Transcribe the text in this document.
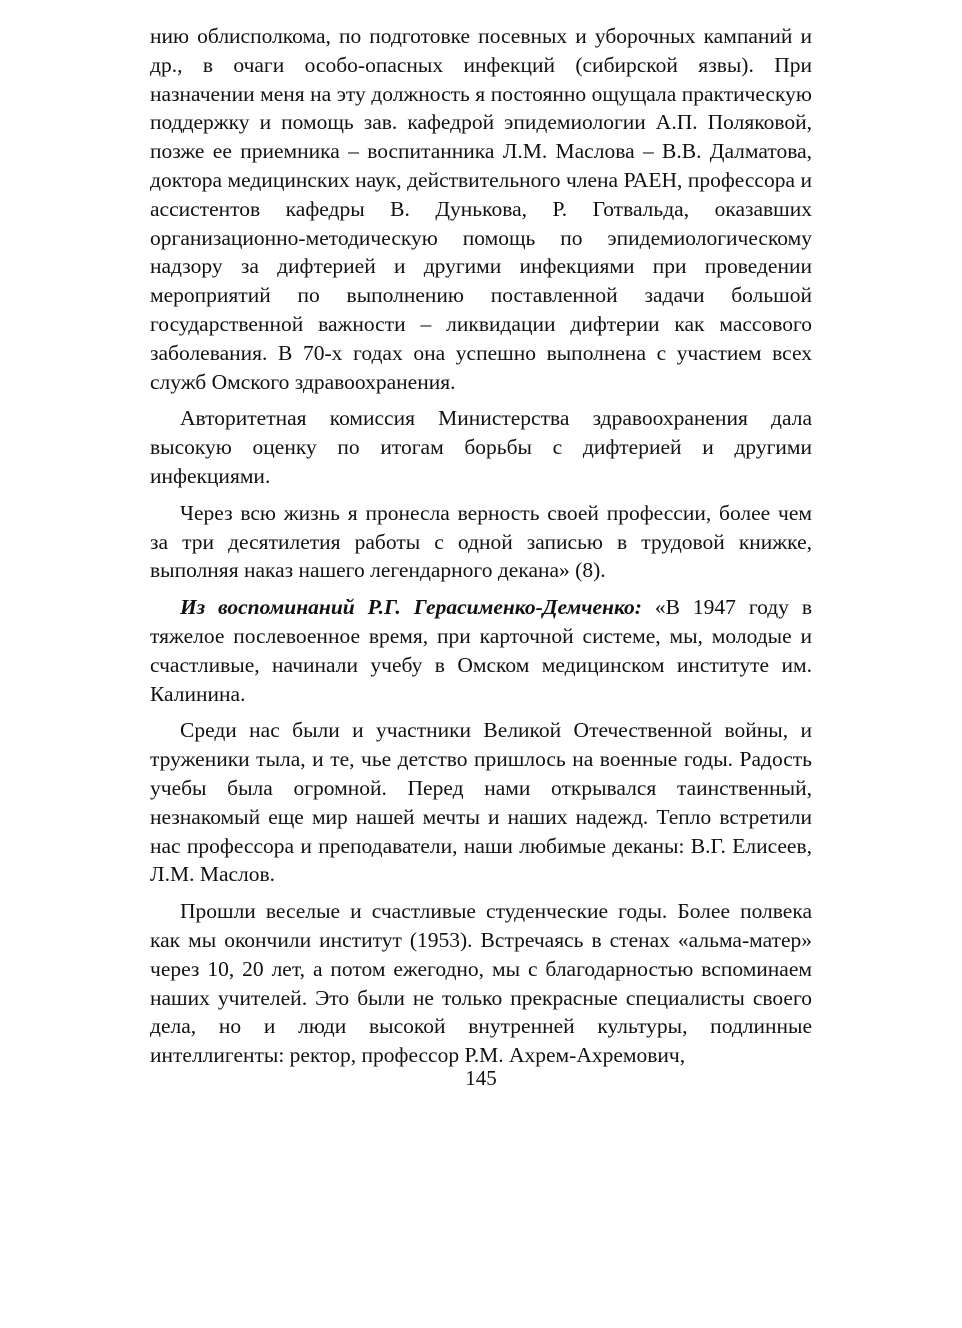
нию облисполкома, по подготовке посевных и уборочных кампаний и др., в очаги особо-опасных инфекций (сибирской язвы). При назначении меня на эту должность я постоянно ощущала практическую поддержку и помощь зав. кафедрой эпидемиологии А.П. Поляковой, позже ее приемника – воспитанника Л.М. Маслова – В.В. Далматова, доктора медицинских наук, действительного члена РАЕН, профессора и ассистентов кафедры В. Дунькова, Р. Готвальда, оказавших организационно-методическую помощь по эпидемиологическому надзору за дифтерией и другими инфекциями при проведении мероприятий по выполнению поставленной задачи большой государственной важности – ликвидации дифтерии как массового заболевания. В 70-х годах она успешно выполнена с участием всех служб Омского здравоохранения.

Авторитетная комиссия Министерства здравоохранения дала высокую оценку по итогам борьбы с дифтерией и другими инфекциями.

Через всю жизнь я пронесла верность своей профессии, более чем за три десятилетия работы с одной записью в трудовой книжке, выполняя наказ нашего легендарного декана» (8).

Из воспоминаний Р.Г. Герасименко-Демченко: «В 1947 году в тяжелое послевоенное время, при карточной системе, мы, молодые и счастливые, начинали учебу в Омском медицинском институте им. Калинина.

Среди нас были и участники Великой Отечественной войны, и труженики тыла, и те, чье детство пришлось на военные годы. Радость учебы была огромной. Перед нами открывался таинственный, незнакомый еще мир нашей мечты и наших надежд. Тепло встретили нас профессора и преподаватели, наши любимые деканы: В.Г. Елисеев, Л.М. Маслов.

Прошли веселые и счастливые студенческие годы. Более полвека как мы окончили институт (1953). Встречаясь в стенах «альма-матер» через 10, 20 лет, а потом ежегодно, мы с благодарностью вспоминаем наших учителей. Это были не только прекрасные специалисты своего дела, но и люди высокой внутренней культуры, подлинные интеллигенты: ректор, профессор Р.М. Ахрем-Ахремович,

145
